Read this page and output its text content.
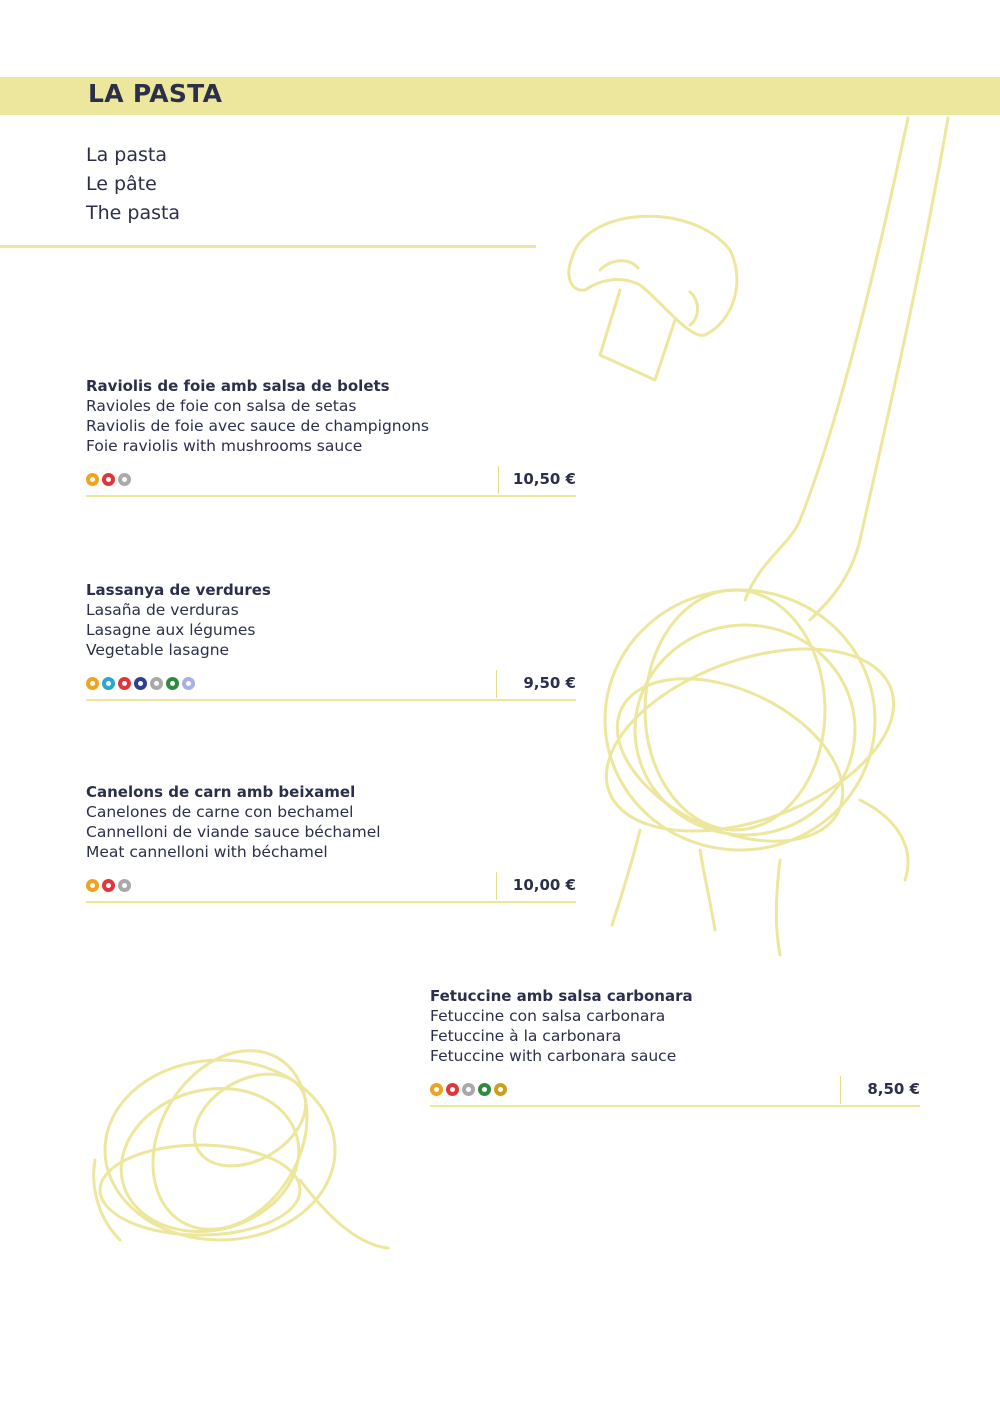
LA PASTA
La pasta
Le pâte
The pasta
Raviolis de foie amb salsa de bolets
Ravioles de foie con salsa de setas
Raviolis de foie avec sauce de champignons
Foie raviolis with mushrooms sauce
10,50 €
Lassanya de verdures
Lasaña de verduras
Lasagne aux légumes
Vegetable lasagne
9,50 €
Canelons de carn amb beixamel
Canelones de carne con bechamel
Cannelloni de viande sauce béchamel
Meat cannelloni with béchamel
10,00 €
Fetuccine amb salsa carbonara
Fetuccine con salsa carbonara
Fetuccine à la carbonara
Fetuccine with carbonara sauce
8,50 €
